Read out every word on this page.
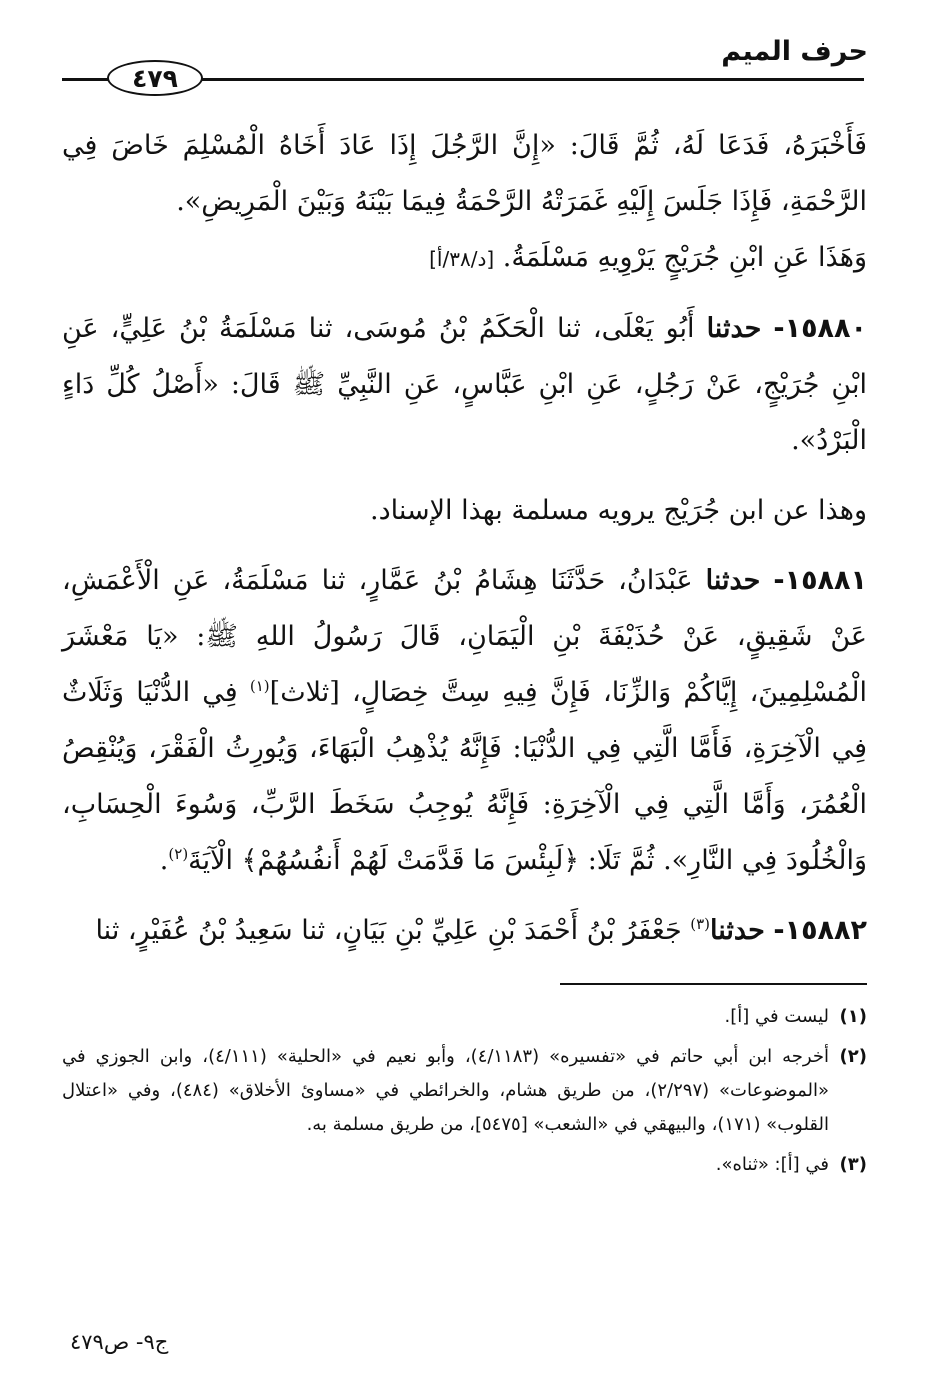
حرف الميم
٤٧٩

فَأَخْبَرَهُ، فَدَعَا لَهُ، ثُمَّ قَالَ: «إِنَّ الرَّجُلَ إِذَا عَادَ أَخَاهُ الْمُسْلِمَ خَاضَ فِي الرَّحْمَةِ، فَإِذَا جَلَسَ إِلَيْهِ غَمَرَتْهُ الرَّحْمَةُ فِيمَا بَيْنَهُ وَبَيْنَ الْمَرِيضِ».

وَهَذَا عَنِ ابْنِ جُرَيْجٍ يَرْوِيهِ مَسْلَمَةُ. [د/٣٨/أ]

١٥٨٨٠- حدثنا أَبُو يَعْلَى، ثنا الْحَكَمُ بْنُ مُوسَى، ثنا مَسْلَمَةُ بْنُ عَلِيٍّ، عَنِ ابْنِ جُرَيْجٍ، عَنْ رَجُلٍ، عَنِ ابْنِ عَبَّاسٍ، عَنِ النَّبِيِّ ﷺ قَالَ: «أَصْلُ كُلِّ دَاءٍ الْبَرْدُ».

وهذا عن ابن جُرَيْج يرويه مسلمة بهذا الإسناد.

١٥٨٨١- حدثنا عَبْدَانُ، حَدَّثَنَا هِشَامُ بْنُ عَمَّارٍ، ثنا مَسْلَمَةُ، عَنِ الْأَعْمَشِ، عَنْ شَقِيقٍ، عَنْ حُذَيْفَةَ بْنِ الْيَمَانِ، قَالَ رَسُولُ اللهِ ﷺ: «يَا مَعْشَرَ الْمُسْلِمِينَ، إِيَّاكُمْ وَالزِّنَا، فَإِنَّ فِيهِ سِتَّ خِصَالٍ، [ثلاث]$^{(١)}$ فِي الدُّنْيَا وَثَلَاثٌ فِي الْآخِرَةِ، فَأَمَّا الَّتِي فِي الدُّنْيَا: فَإِنَّهُ يُذْهِبُ الْبَهَاءَ، وَيُورِثُ الْفَقْرَ، وَيُنْقِصُ الْعُمُرَ، وَأَمَّا الَّتِي فِي الْآخِرَةِ: فَإِنَّهُ يُوجِبُ سَخَطَ الرَّبِّ، وَسُوءَ الْحِسَابِ، وَالْخُلُودَ فِي النَّارِ». ثُمَّ تَلَا: ﴿لَبِئْسَ مَا قَدَّمَتْ لَهُمْ أَنفُسُهُمْ﴾ الْآيَةَ$^{(٢)}$.

١٥٨٨٢- حدثنا$^{(٣)}$ جَعْفَرُ بْنُ أَحْمَدَ بْنِ عَلِيِّ بْنِ بَيَانٍ، ثنا سَعِيدُ بْنُ عُفَيْرٍ، ثنا

(١)
ليست في [أ].
(٢)
أخرجه ابن أبي حاتم في «تفسيره» (٤/١١٨٣)، وأبو نعيم في «الحلية» (٤/١١١)، وابن الجوزي في «الموضوعات» (٢/٢٩٧)، من طريق هشام، والخرائطي في «مساوئ الأخلاق» (٤٨٤)، وفي «اعتلال القلوب» (١٧١)، والبيهقي في «الشعب» [٥٤٧٥]، من طريق مسلمة به.
(٣)
في [أ]: «ثناه».
ج٩- ص٤٧٩
